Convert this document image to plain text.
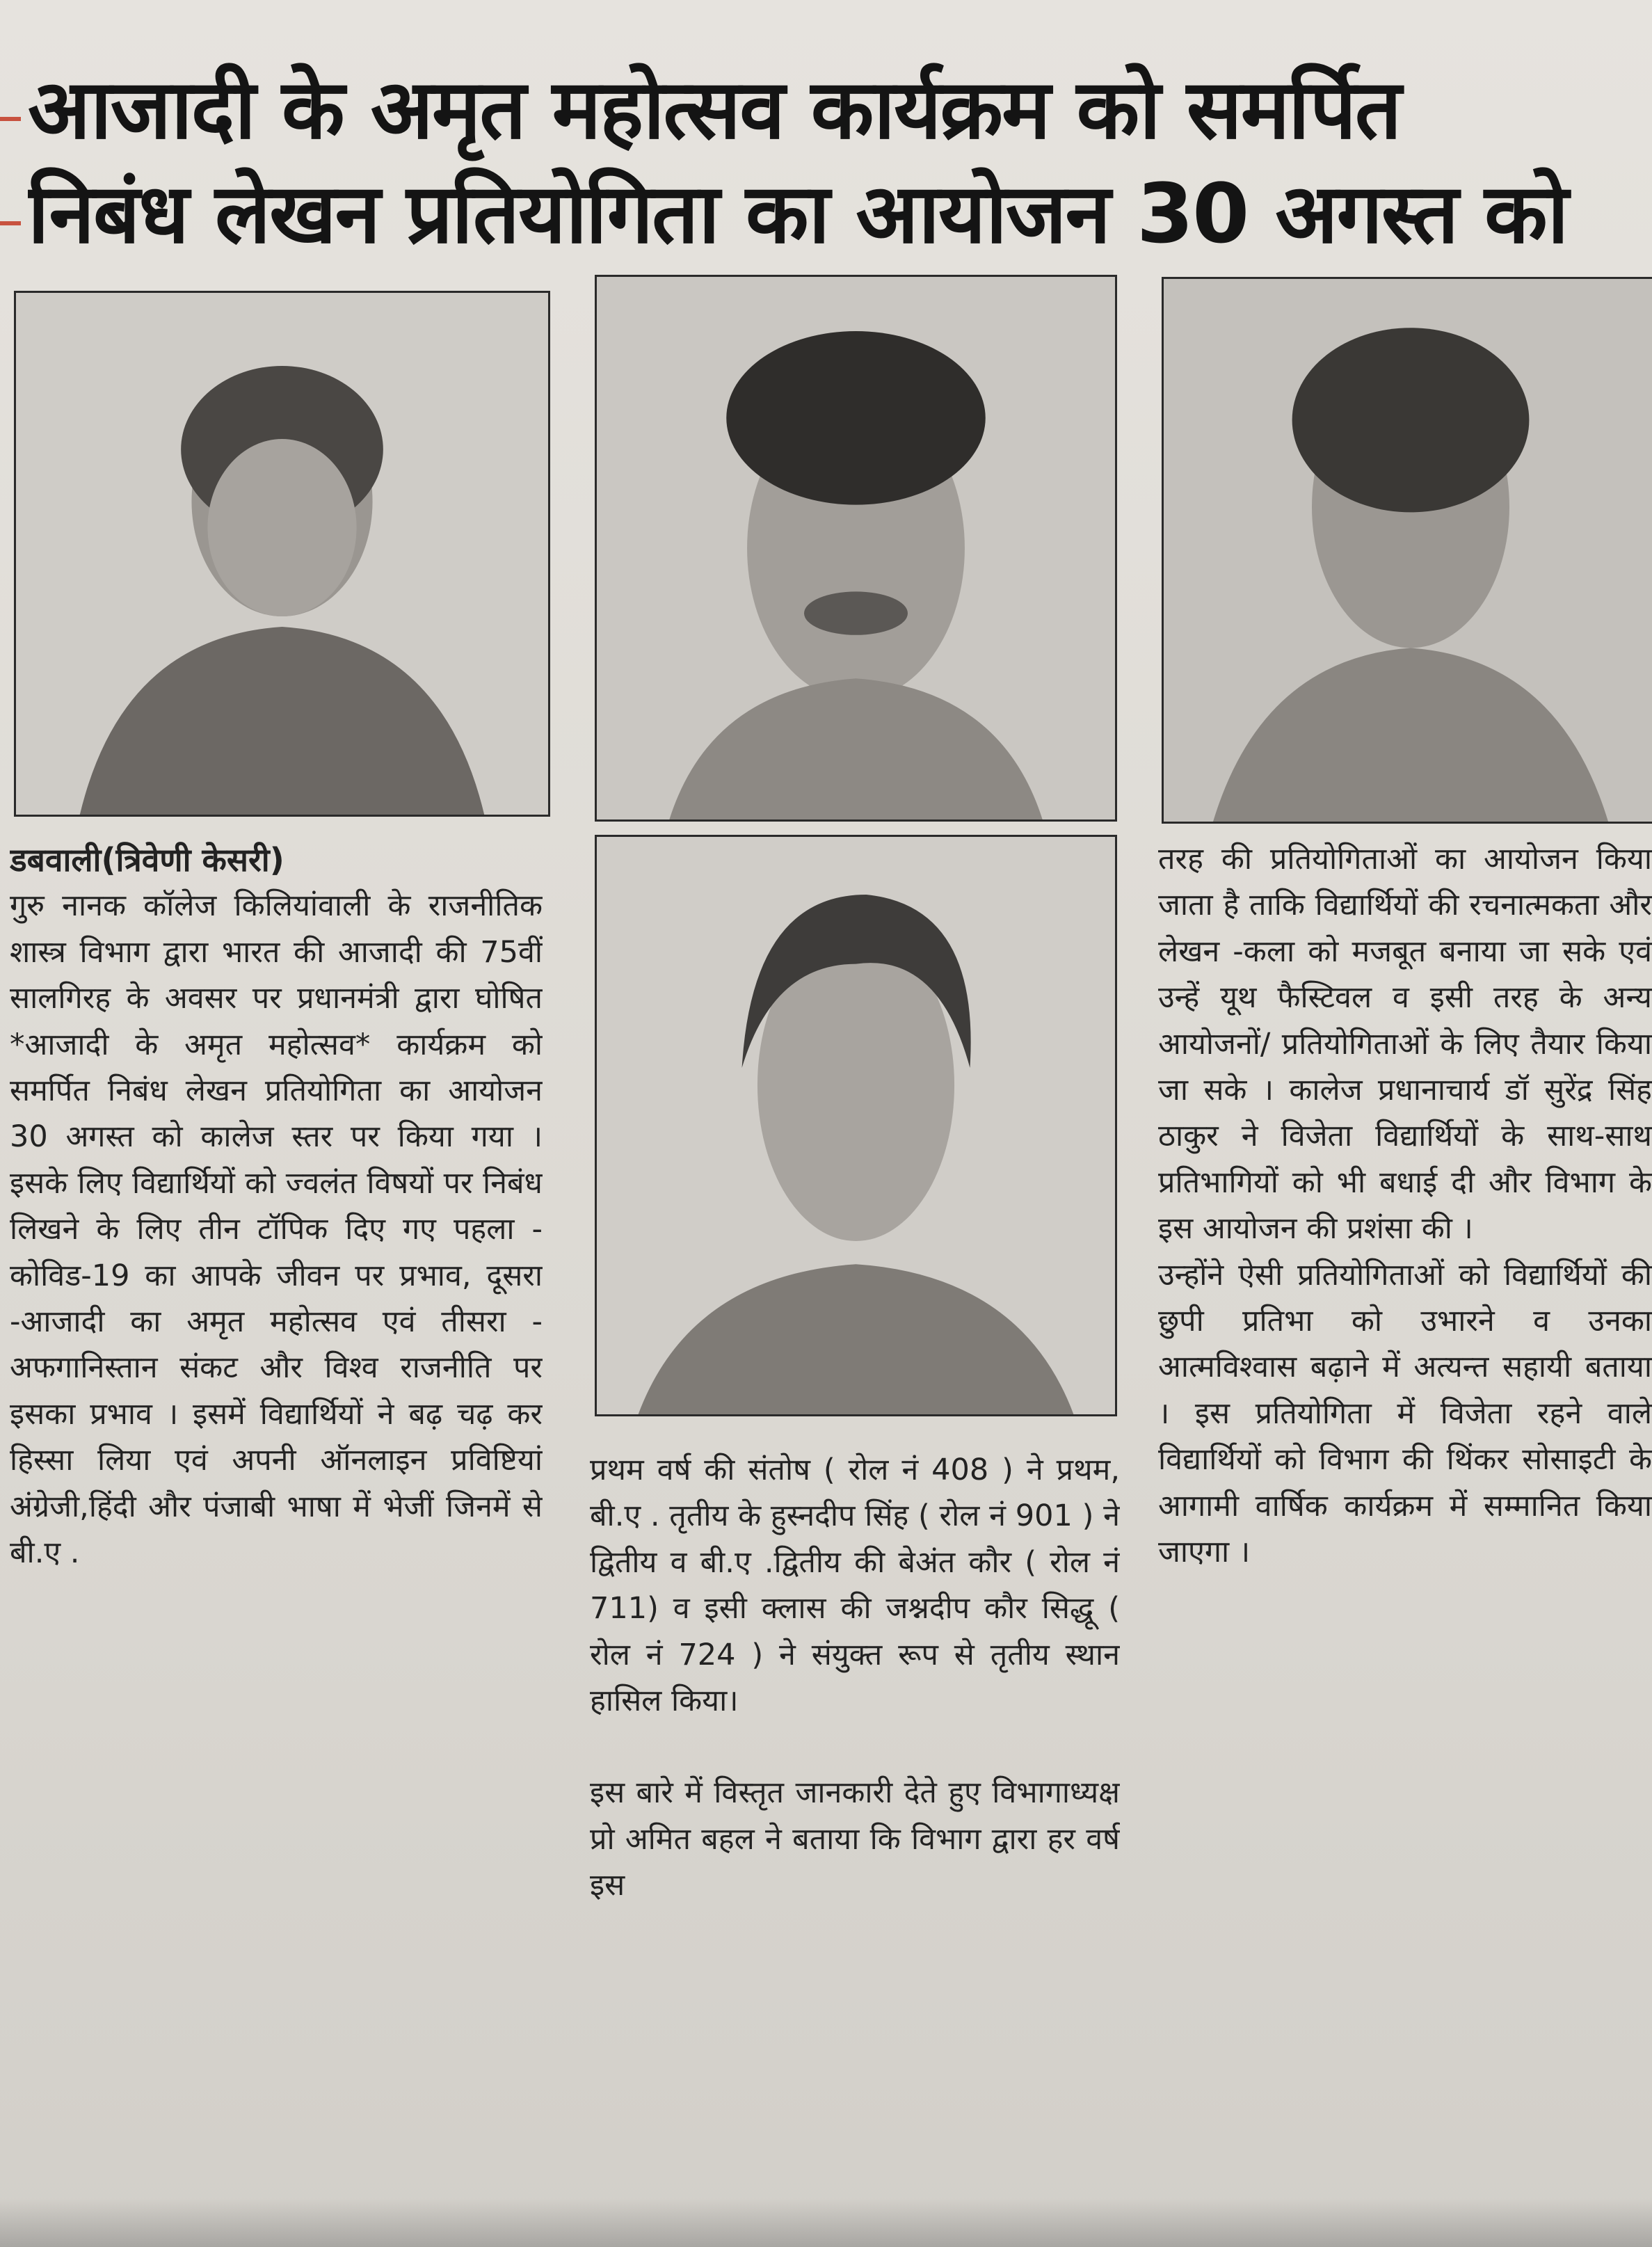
आजादी के अमृत महोत्सव कार्यक्रम को समर्पित
निबंध लेखन प्रतियोगिता का आयोजन 30 अगस्त को

डबवाली(त्रिवेणी केसरी)

गुरु नानक कॉलेज किलियांवाली के राजनीतिक शास्त्र विभाग द्वारा भारत की आजादी की 75वीं सालगिरह के अवसर पर प्रधानमंत्री द्वारा घोषित *आजादी के अमृत महोत्सव* कार्यक्रम को समर्पित निबंध लेखन प्रतियोगिता का आयोजन 30 अगस्त को कालेज स्तर पर किया गया । इसके लिए विद्यार्थियों को ज्वलंत विषयों पर निबंध लिखने के लिए तीन टॉपिक दिए गए पहला - कोविड-19 का आपके जीवन पर प्रभाव, दूसरा -आजादी का अमृत महोत्सव एवं तीसरा - अफगानिस्तान संकट और विश्व राजनीति पर इसका प्रभाव । इसमें विद्यार्थियों ने बढ़ चढ़ कर हिस्सा लिया एवं अपनी ऑनलाइन प्रविष्टियां अंग्रेजी,हिंदी और पंजाबी भाषा में भेजीं जिनमें से बी.ए .

प्रथम वर्ष की संतोष ( रोल नं 408 ) ने प्रथम, बी.ए . तृतीय के हुस्नदीप सिंह ( रोल नं 901 ) ने द्वितीय व बी.ए .द्वितीय की बेअंत कौर ( रोल नं 711) व इसी क्लास की जश्नदीप कौर सिद्धू ( रोल नं 724 ) ने संयुक्त रूप से तृतीय स्थान हासिल किया।

इस बारे में विस्तृत जानकारी देते हुए विभागाध्यक्ष प्रो अमित बहल ने बताया कि विभाग द्वारा हर वर्ष इस

तरह की प्रतियोगिताओं का आयोजन किया जाता है ताकि विद्यार्थियों की रचनात्मकता और लेखन -कला को मजबूत बनाया जा सके एवं उन्हें यूथ फैस्टिवल व इसी तरह के अन्य आयोजनों/ प्रतियोगिताओं के लिए तैयार किया जा सके । कालेज प्रधानाचार्य डॉ सुरेंद्र सिंह ठाकुर ने विजेता विद्यार्थियों के साथ-साथ प्रतिभागियों को भी बधाई दी और विभाग के इस आयोजन की प्रशंसा की ।

उन्होंने ऐसी प्रतियोगिताओं को विद्यार्थियों की छुपी प्रतिभा को उभारने व उनका आत्मविश्वास बढ़ाने में अत्यन्त सहायी बताया । इस प्रतियोगिता में विजेता रहने वाले विद्यार्थियों को विभाग की थिंकर सोसाइटी के आगामी वार्षिक कार्यक्रम में सम्मानित किया जाएगा ।
